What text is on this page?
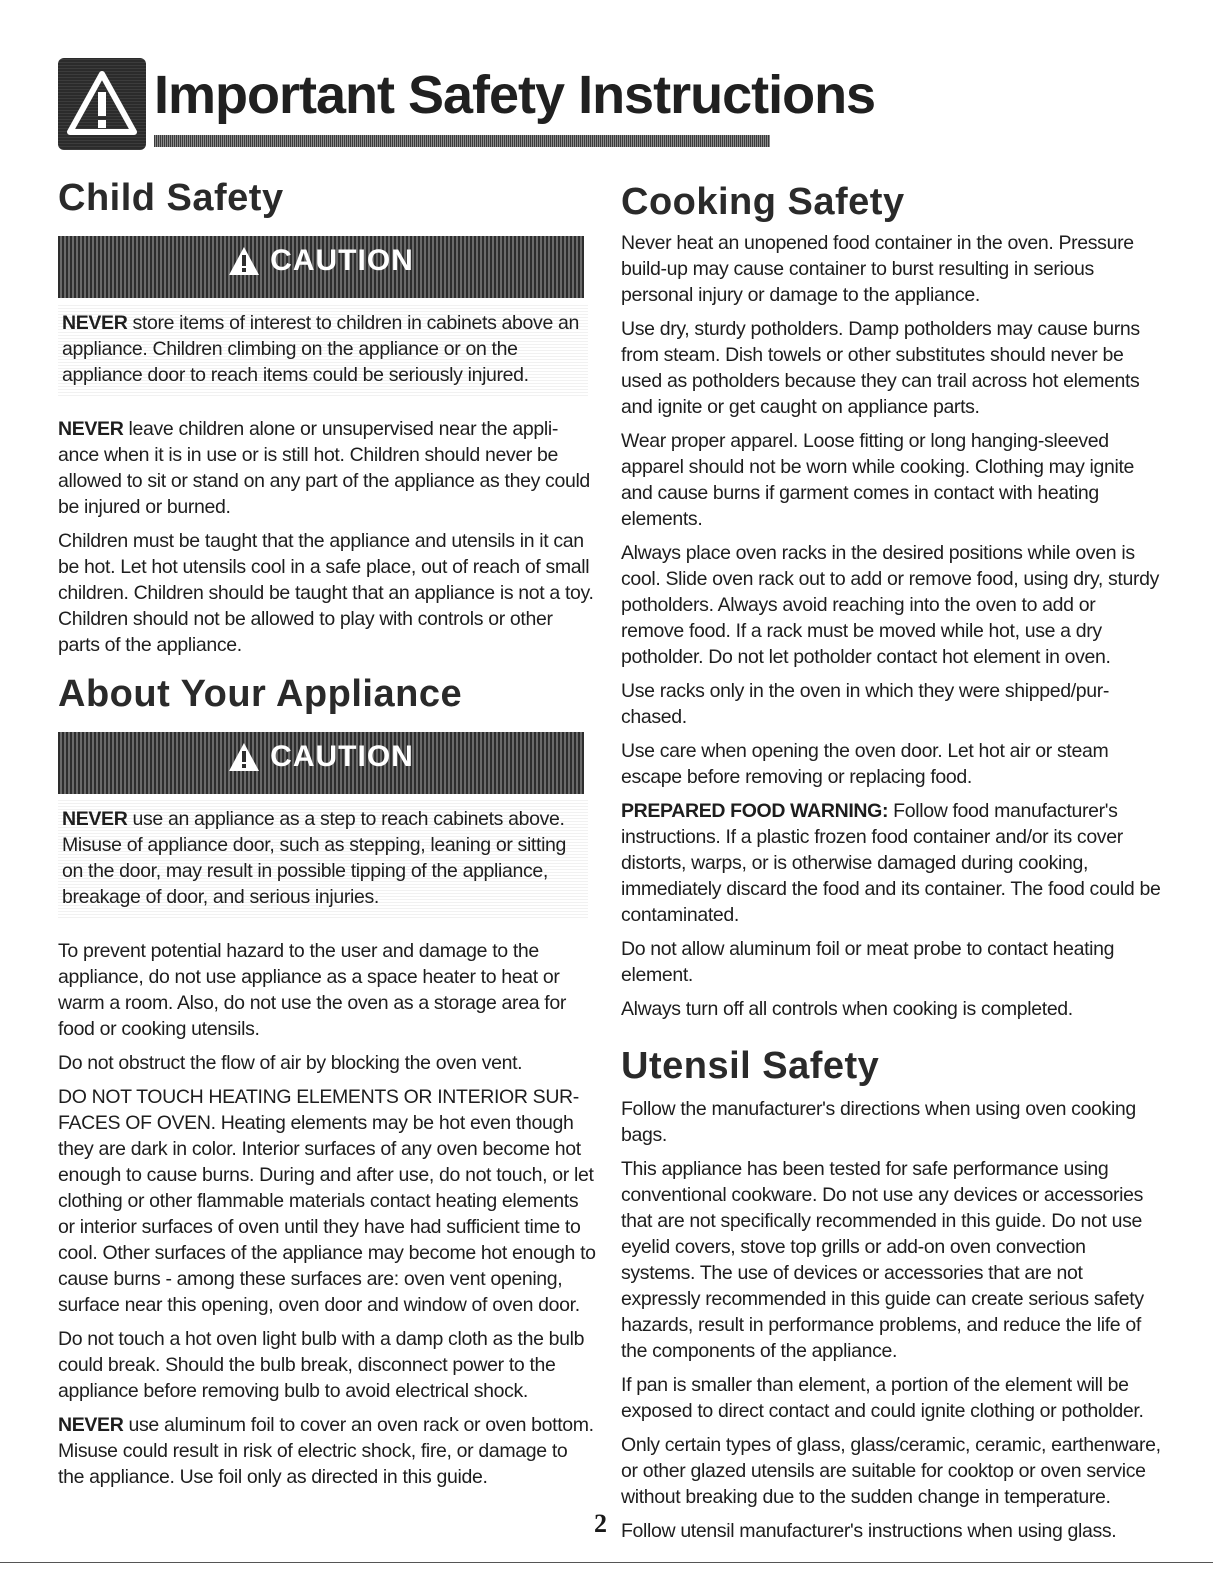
Important Safety Instructions
Child Safety
CAUTION

NEVER store items of interest to children in cabinets above an appliance. Children climbing on the appliance or on the appliance door to reach items could be seriously injured.

NEVER leave children alone or unsupervised near the appli-ance when it is in use or is still hot. Children should never be allowed to sit or stand on any part of the appliance as they could be injured or burned.

Children must be taught that the appliance and utensils in it can be hot. Let hot utensils cool in a safe place, out of reach of small children. Children should be taught that an appliance is not a toy. Children should not be allowed to play with controls or other parts of the appliance.

About Your Appliance
CAUTION

NEVER use an appliance as a step to reach cabinets above. Misuse of appliance door, such as stepping, leaning or sitting on the door, may result in possible tipping of the appliance, breakage of door, and serious injuries.

To prevent potential hazard to the user and damage to the appliance, do not use appliance as a space heater to heat or warm a room. Also, do not use the oven as a storage area for food or cooking utensils.

Do not obstruct the flow of air by blocking the oven vent.

DO NOT TOUCH HEATING ELEMENTS OR INTERIOR SUR-FACES OF OVEN. Heating elements may be hot even though they are dark in color. Interior surfaces of any oven become hot enough to cause burns. During and after use, do not touch, or let clothing or other flammable materials contact heating elements or interior surfaces of oven until they have had sufficient time to cool. Other surfaces of the appliance may become hot enough to cause burns - among these surfaces are: oven vent opening, surface near this opening, oven door and window of oven door.

Do not touch a hot oven light bulb with a damp cloth as the bulb could break. Should the bulb break, disconnect power to the appliance before removing bulb to avoid electrical shock.

NEVER use aluminum foil to cover an oven rack or oven bottom. Misuse could result in risk of electric shock, fire, or damage to the appliance. Use foil only as directed in this guide.

Cooking Safety

Never heat an unopened food container in the oven. Pressure build-up may cause container to burst resulting in serious personal injury or damage to the appliance.

Use dry, sturdy potholders. Damp potholders may cause burns from steam. Dish towels or other substitutes should never be used as potholders because they can trail across hot elements and ignite or get caught on appliance parts.

Wear proper apparel. Loose fitting or long hanging-sleeved apparel should not be worn while cooking. Clothing may ignite and cause burns if garment comes in contact with heating elements.

Always place oven racks in the desired positions while oven is cool. Slide oven rack out to add or remove food, using dry, sturdy potholders. Always avoid reaching into the oven to add or remove food. If a rack must be moved while hot, use a dry potholder. Do not let potholder contact hot element in oven.

Use racks only in the oven in which they were shipped/pur-chased.

Use care when opening the oven door. Let hot air or steam escape before removing or replacing food.

PREPARED FOOD WARNING: Follow food manufacturer's instructions. If a plastic frozen food container and/or its cover distorts, warps, or is otherwise damaged during cooking, immediately discard the food and its container. The food could be contaminated.

Do not allow aluminum foil or meat probe to contact heating element.

Always turn off all controls when cooking is completed.

Utensil Safety

Follow the manufacturer's directions when using oven cooking bags.

This appliance has been tested for safe performance using conventional cookware. Do not use any devices or accessories that are not specifically recommended in this guide. Do not use eyelid covers, stove top grills or add-on oven convection systems. The use of devices or accessories that are not expressly recommended in this guide can create serious safety hazards, result in performance problems, and reduce the life of the components of the appliance.

If pan is smaller than element, a portion of the element will be exposed to direct contact and could ignite clothing or potholder.

Only certain types of glass, glass/ceramic, ceramic, earthenware, or other glazed utensils are suitable for cooktop or oven service without breaking due to the sudden change in temperature.

Follow utensil manufacturer's instructions when using glass.

2
